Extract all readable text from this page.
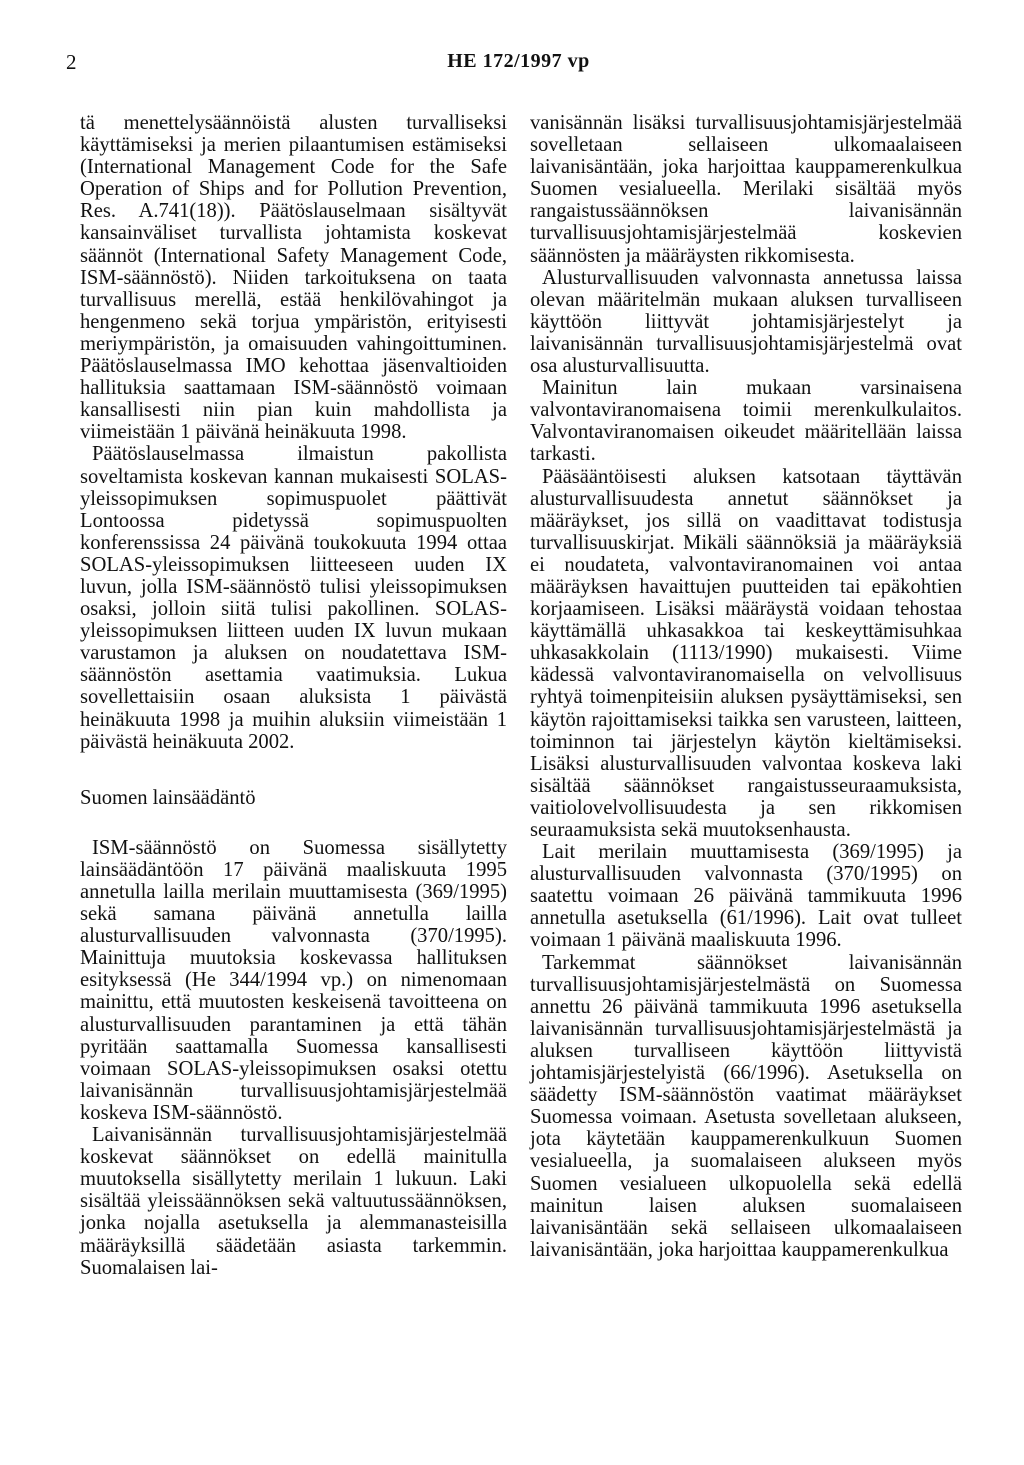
2	HE 172/1997 vp

tä menettelysäännöistä alusten turvalliseksi käyttämiseksi ja merien pilaantumisen estämiseksi (International Management Code for the Safe Operation of Ships and for Pollution Prevention, Res. A.741(18)). Päätöslauselmaan sisältyvät kansainväliset turvallista johtamista koskevat säännöt (International Safety Management Code, ISM-säännöstö). Niiden tarkoituksena on taata turvallisuus merellä, estää henkilövahingot ja hengenmeno sekä torjua ympäristön, erityisesti meriympäristön, ja omaisuuden vahingoittuminen. Päätöslauselmassa IMO kehottaa jäsenvaltioiden hallituksia saattamaan ISM-säännöstö voimaan kansallisesti niin pian kuin mahdollista ja viimeistään 1 päivänä heinäkuuta 1998.

Päätöslauselmassa ilmaistun pakollista soveltamista koskevan kannan mukaisesti SOLAS-yleissopimuksen sopimuspuolet päättivät Lontoossa pidetyssä sopimuspuolten konferenssissa 24 päivänä toukokuuta 1994 ottaa SOLAS-yleissopimuksen liitteeseen uuden IX luvun, jolla ISM-säännöstö tulisi yleissopimuksen osaksi, jolloin siitä tulisi pakollinen. SOLAS-yleissopimuksen liitteen uuden IX luvun mukaan varustamon ja aluksen on noudatettava ISM-säännöstön asettamia vaatimuksia. Lukua sovellettaisiin osaan aluksista 1 päivästä heinäkuuta 1998 ja muihin aluksiin viimeistään 1 päivästä heinäkuuta 2002.

Suomen lainsäädäntö

ISM-säännöstö on Suomessa sisällytetty lainsäädäntöön 17 päivänä maaliskuuta 1995 annetulla lailla merilain muuttamisesta (369/1995) sekä samana päivänä annetulla lailla alusturvallisuuden valvonnasta (370/1995). Mainittuja muutoksia koskevassa hallituksen esityksessä (He 344/1994 vp.) on nimenomaan mainittu, että muutosten keskeisenä tavoitteena on alusturvallisuuden parantaminen ja että tähän pyritään saattamalla Suomessa kansallisesti voimaan SOLAS-yleissopimuksen osaksi otettu laivanisännän turvallisuusjohtamisjärjestelmää koskeva ISM-säännöstö.

Laivanisännän turvallisuusjohtamisjärjestelmää koskevat säännökset on edellä mainitulla muutoksella sisällytetty merilain 1 lukuun. Laki sisältää yleissäännöksen sekä valtuutussäännöksen, jonka nojalla asetuksella ja alemmanasteisilla määräyksillä säädetään asiasta tarkemmin. Suomalaisen lai-

vanisännän lisäksi turvallisuusjohtamisjärjestelmää sovelletaan sellaiseen ulkomaalaiseen laivanisäntään, joka harjoittaa kauppamerenkulkua Suomen vesialueella. Merilaki sisältää myös rangaistussäännöksen laivanisännän turvallisuusjohtamisjärjestelmää koskevien säännösten ja määräysten rikkomisesta.

Alusturvallisuuden valvonnasta annetussa laissa olevan määritelmän mukaan aluksen turvalliseen käyttöön liittyvät johtamisjärjestelyt ja laivanisännän turvallisuusjohtamisjärjestelmä ovat osa alusturvallisuutta.

Mainitun lain mukaan varsinaisena valvontaviranomaisena toimii merenkulkulaitos. Valvontaviranomaisen oikeudet määritellään laissa tarkasti.

Pääsääntöisesti aluksen katsotaan täyttävän alusturvallisuudesta annetut säännökset ja määräykset, jos sillä on vaadittavat todistusja turvallisuuskirjat. Mikäli säännöksiä ja määräyksiä ei noudateta, valvontaviranomainen voi antaa määräyksen havaittujen puutteiden tai epäkohtien korjaamiseen. Lisäksi määräystä voidaan tehostaa käyttämällä uhkasakkoa tai keskeyttämisuhkaa uhkasakkolain (1113/1990) mukaisesti. Viime kädessä valvontaviranomaisella on velvollisuus ryhtyä toimenpiteisiin aluksen pysäyttämiseksi, sen käytön rajoittamiseksi taikka sen varusteen, laitteen, toiminnon tai järjestelyn käytön kieltämiseksi. Lisäksi alusturvallisuuden valvontaa koskeva laki sisältää säännökset rangaistusseuraamuksista, vaitiolovelvollisuudesta ja sen rikkomisen seuraamuksista sekä muutoksenhausta.

Lait merilain muuttamisesta (369/1995) ja alusturvallisuuden valvonnasta (370/1995) on saatettu voimaan 26 päivänä tammikuuta 1996 annetulla asetuksella (61/1996). Lait ovat tulleet voimaan 1 päivänä maaliskuuta 1996.

Tarkemmat säännökset laivanisännän turvallisuusjohtamisjärjestelmästä on Suomessa annettu 26 päivänä tammikuuta 1996 asetuksella laivanisännän turvallisuusjohtamisjärjestelmästä ja aluksen turvalliseen käyttöön liittyvistä johtamisjärjestelyistä (66/1996). Asetuksella on säädetty ISM-säännöstön vaatimat määräykset Suomessa voimaan. Asetusta sovelletaan alukseen, jota käytetään kauppamerenkulkuun Suomen vesialueella, ja suomalaiseen alukseen myös Suomen vesialueen ulkopuolella sekä edellä mainitun laisen aluksen suomalaiseen laivanisäntään sekä sellaiseen ulkomaalaiseen laivanisäntään, joka harjoittaa kauppamerenkulkua
